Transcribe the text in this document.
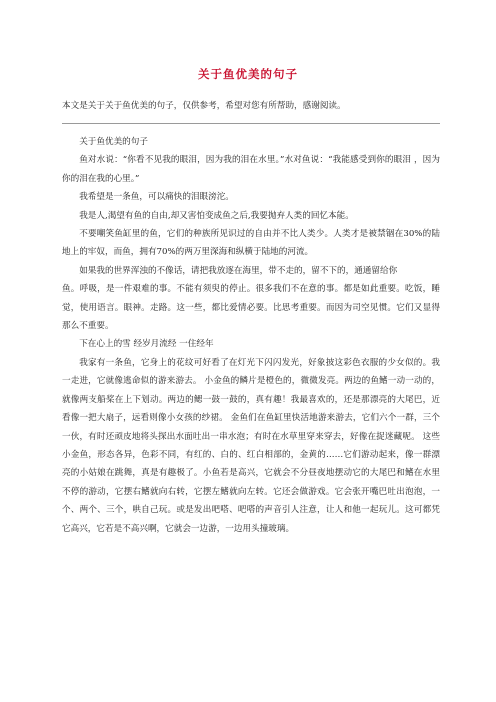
关于鱼优美的句子
本文是关于关于鱼优美的句子，仅供参考，希望对您有所帮助，感谢阅读。

关于鱼优美的句子

鱼对水说：“你看不见我的眼泪，因为我的泪在水里。”水对鱼说：“我能感受到你的眼泪 ，因为你的泪在我的心里。”

我希望是一条鱼，可以痛快的泪眼滂沱。

我是人,渴望有鱼的自由,却又害怕变成鱼之后,我要抛弃人类的回忆本能。

不要嘲笑鱼缸里的鱼，它们的种族所见识过的自由并不比人类少。人类才是被禁锢在30%的陆地上的牢奴，而鱼，拥有70%的两万里深海和纵横于陆地的河流。

如果我的世界浑浊的不像话，请把我放逐在海里，带不走的，留不下的，通通留给你

鱼。呼吸，是一件艰难的事。不能有须臾的停止。很多我们不在意的事。都是如此重要。吃饭，睡觉，使用语言。眼神。走路。这一些，都比爱情必要。比思考重要。而因为司空见惯。它们又显得那么不重要。

下在心上的雪 经岁月流经 一住经年

我家有一条鱼，它身上的花纹可好看了在灯光下闪闪发光，好象披这彩色衣服的少女似的。我一走进，它就像逃命似的游来游去。 小金鱼的鳞片是橙色的，微微发亮。两边的鱼鳍一动一动的，就像两支船桨在上下划动。两边的鳃一鼓一鼓的，真有趣！我最喜欢的，还是那漂亮的大尾巴，近看像一把大扇子，远看则像小女孩的纱裙。 金鱼们在鱼缸里快活地游来游去，它们六个一群，三个一伙，有时还顽皮地将头探出水面吐出一串水泡；有时在水草里穿来穿去，好像在捉迷藏呢。 这些小金鱼，形态各异，色彩不同，有红的、白的、红白相部的，金黄的……它们游动起来，像一群漂亮的小姑娘在跳舞，真是有趣极了。小鱼若是高兴，它就会不分昼夜地摆动它的大尾巴和鳍在水里不停的游动，它摆右鳍就向右转，它摆左鳍就向左转。它还会做游戏。它会张开嘴巴吐出泡泡，一个、两个、三个，哄自己玩。或是发出吧嗒、吧嗒的声音引人注意，让人和他一起玩儿。这可都凭它高兴，它若是不高兴啊，它就会一边游，一边用头撞玻璃。
